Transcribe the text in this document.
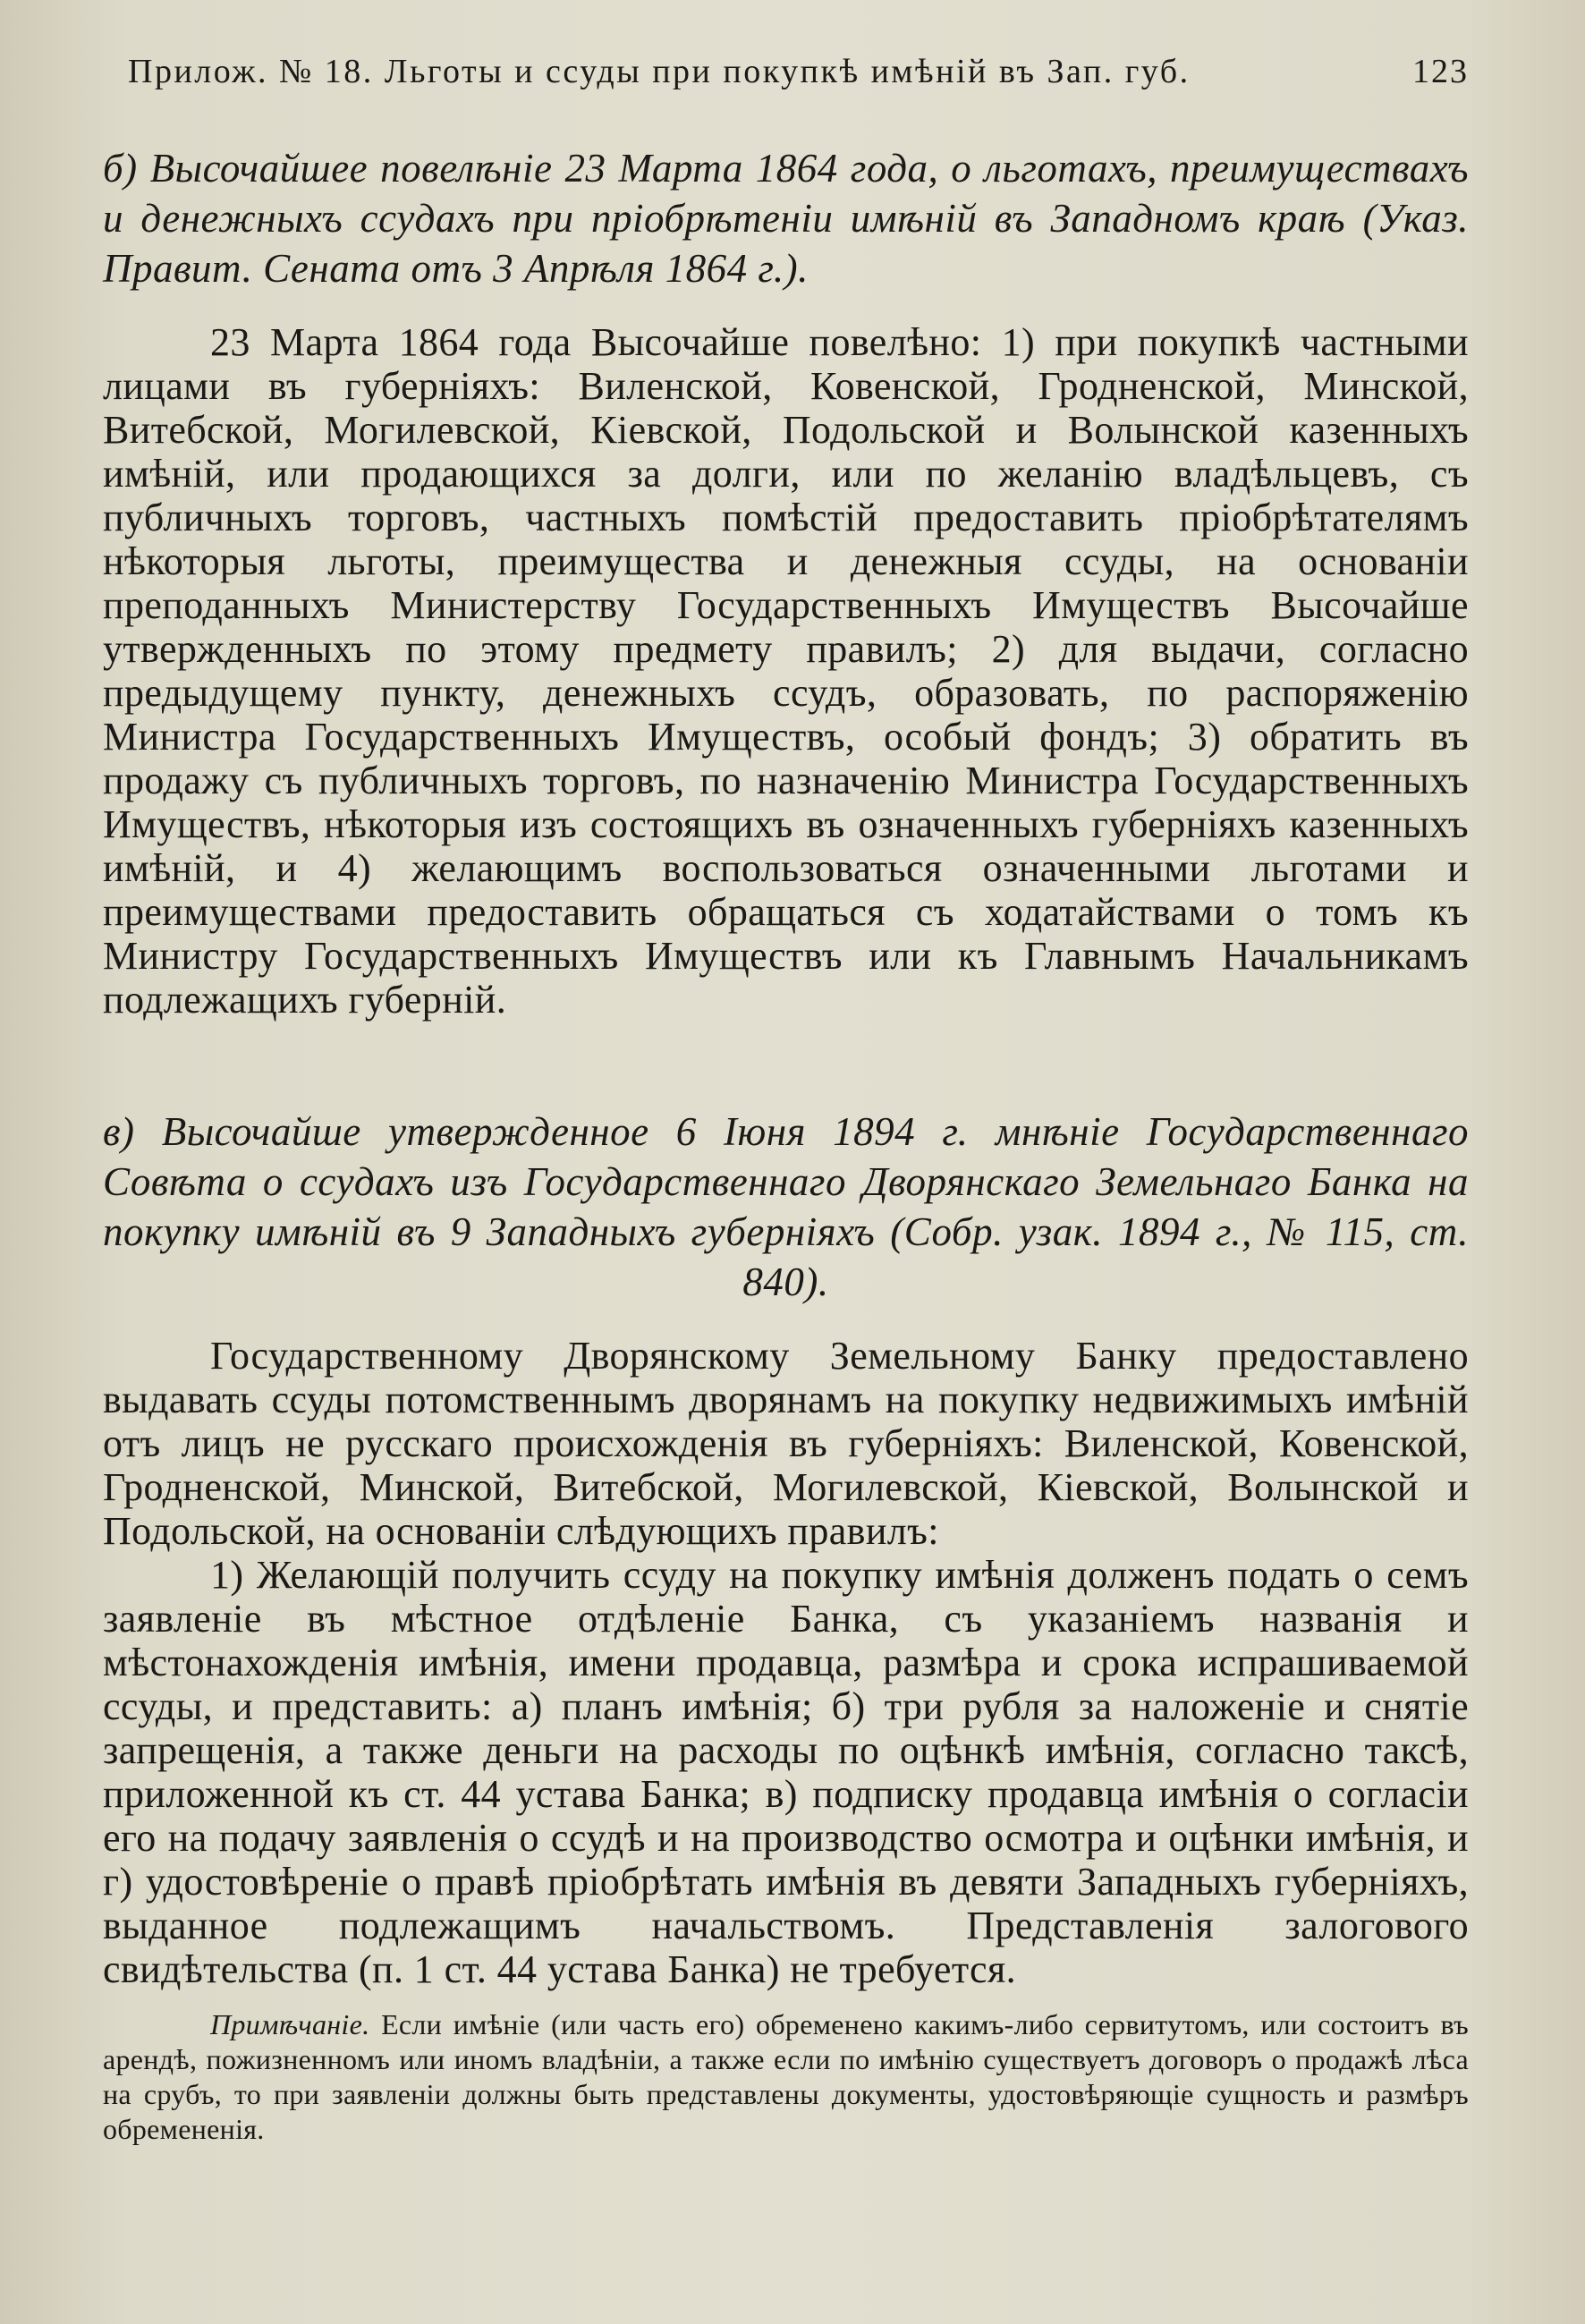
Прилож. № 18. Льготы и ссуды при покупкѣ имѣній въ Зап. губ.	123

б) Высочайшее повелѣніе 23 Марта 1864 года, о льготахъ, преимуществахъ и денежныхъ ссудахъ при пріобрѣтеніи имѣній въ Западномъ краѣ (Указ. Правит. Сената отъ 3 Апрѣля 1864 г.).

23 Марта 1864 года Высочайше повелѣно: 1) при покупкѣ частными лицами въ губерніяхъ: Виленской, Ковенской, Гродненской, Минской, Витебской, Могилевской, Кіевской, Подольской и Волынской казенныхъ имѣній, или продающихся за долги, или по желанію владѣльцевъ, съ публичныхъ торговъ, частныхъ помѣстій предоставить пріобрѣтателямъ нѣкоторыя льготы, преимущества и денежныя ссуды, на основаніи преподанныхъ Министерству Государственныхъ Имуществъ Высочайше утвержденныхъ по этому предмету правилъ; 2) для выдачи, согласно предыдущему пункту, денежныхъ ссудъ, образовать, по распоряженію Министра Государственныхъ Имуществъ, особый фондъ; 3) обратить въ продажу съ публичныхъ торговъ, по назначенію Министра Государственныхъ Имуществъ, нѣкоторыя изъ состоящихъ въ означенныхъ губерніяхъ казенныхъ имѣній, и 4) желающимъ воспользоваться означенными льготами и преимуществами предоставить обращаться съ ходатайствами о томъ къ Министру Государственныхъ Имуществъ или къ Главнымъ Начальникамъ подлежащихъ губерній.

в) Высочайше утвержденное 6 Іюня 1894 г. мнѣніе Государственнаго Совѣта о ссудахъ изъ Государственнаго Дворянскаго Земельнаго Банка на покупку имѣній въ 9 Западныхъ губерніяхъ (Собр. узак. 1894 г., № 115, ст. 840).

Государственному Дворянскому Земельному Банку предоставлено выдавать ссуды потомственнымъ дворянамъ на покупку недвижимыхъ имѣній отъ лицъ не русскаго происхожденія въ губерніяхъ: Виленской, Ковенской, Гродненской, Минской, Витебской, Могилевской, Кіевской, Волынской и Подольской, на основаніи слѣдующихъ правилъ:

1) Желающій получить ссуду на покупку имѣнія долженъ подать о семъ заявленіе въ мѣстное отдѣленіе Банка, съ указаніемъ названія и мѣстонахожденія имѣнія, имени продавца, размѣра и срока испрашиваемой ссуды, и представить: а) планъ имѣнія; б) три рубля за наложеніе и снятіе запрещенія, а также деньги на расходы по оцѣнкѣ имѣнія, согласно таксѣ, приложенной къ ст. 44 устава Банка; в) подписку продавца имѣнія о согласіи его на подачу заявленія о ссудѣ и на производство осмотра и оцѣнки имѣнія, и г) удостовѣреніе о правѣ пріобрѣтать имѣнія въ девяти Западныхъ губерніяхъ, выданное подлежащимъ начальствомъ. Представленія залогового свидѣтельства (п. 1 ст. 44 устава Банка) не требуется.

Примѣчаніе. Если имѣніе (или часть его) обременено какимъ-либо сервитутомъ, или состоитъ въ арендѣ, пожизненномъ или иномъ владѣніи, а также если по имѣнію существуетъ договоръ о продажѣ лѣса на срубъ, то при заявленіи должны быть представлены документы, удостовѣряющіе сущность и размѣръ обремененія.
